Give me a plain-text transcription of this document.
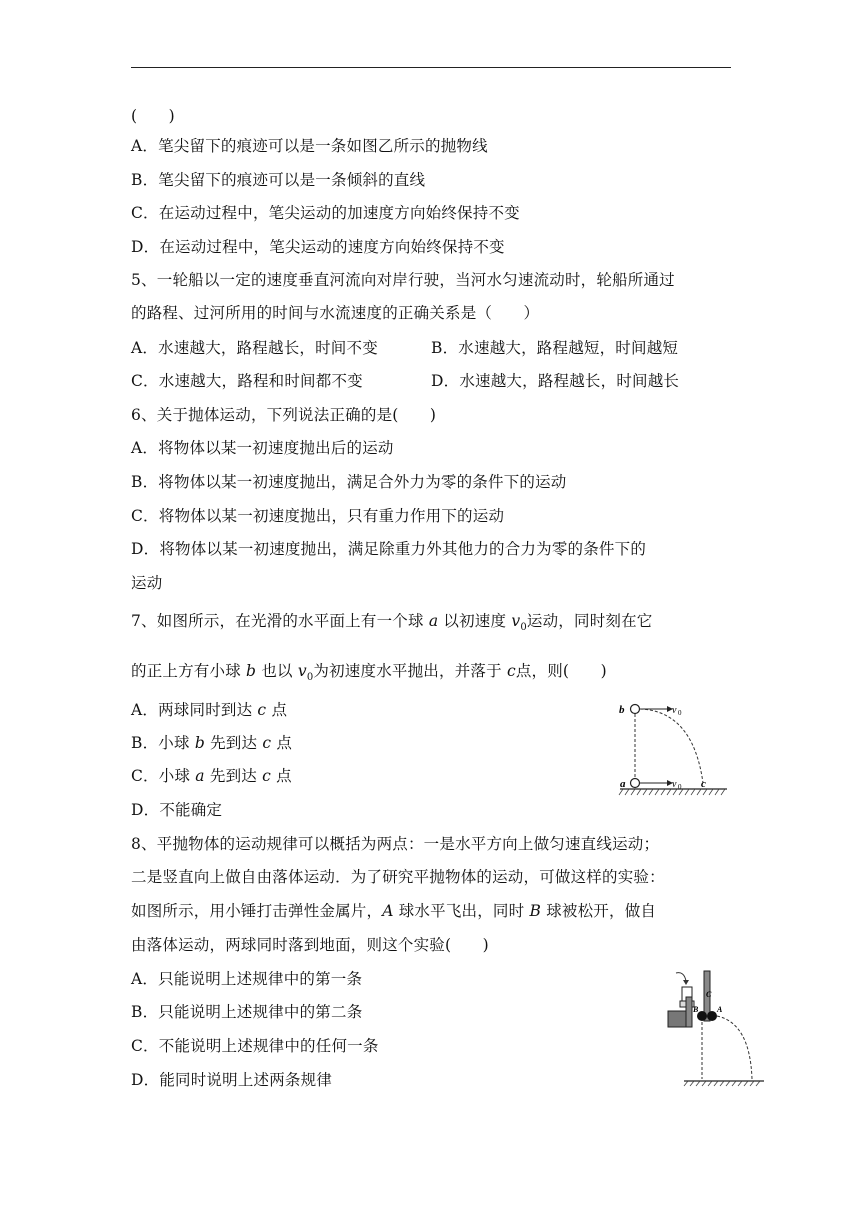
(　　)
A．笔尖留下的痕迹可以是一条如图乙所示的抛物线
B．笔尖留下的痕迹可以是一条倾斜的直线
C．在运动过程中，笔尖运动的加速度方向始终保持不变
D．在运动过程中，笔尖运动的速度方向始终保持不变
5、一轮船以一定的速度垂直河流向对岸行驶，当河水匀速流动时，轮船所通过
的路程、过河所用的时间与水流速度的正确关系是（　　）
A．水速越大，路程越长，时间不变	B．水速越大，路程越短，时间越短
C．水速越大，路程和时间都不变	D．水速越大，路程越长，时间越长
6、关于抛体运动，下列说法正确的是(　　)
A．将物体以某一初速度抛出后的运动
B．将物体以某一初速度抛出，满足合外力为零的条件下的运动
C．将物体以某一初速度抛出，只有重力作用下的运动
D．将物体以某一初速度抛出，满足除重力外其他力的合力为零的条件下的
运动
7、如图所示，在光滑的水平面上有一个球 a 以初速度 $v_0$运动，同时刻在它
的正上方有小球 b 也以 $v_0$为初速度水平抛出，并落于 c点，则(　　)
A．两球同时到达 c 点
B．小球 b 先到达 c 点
C．小球 a 先到达 c 点
D．不能确定
b	v 0
a	v 0 c
8、平抛物体的运动规律可以概括为两点：一是水平方向上做匀速直线运动；
二是竖直向上做自由落体运动．为了研究平抛物体的运动，可做这样的实验：
如图所示，用小锤打击弹性金属片，A 球水平飞出，同时 B 球被松开，做自
由落体运动，两球同时落到地面，则这个实验(　　)
A．只能说明上述规律中的第一条
B．只能说明上述规律中的第二条
C．不能说明上述规律中的任何一条
D．能同时说明上述两条规律
C
B A
